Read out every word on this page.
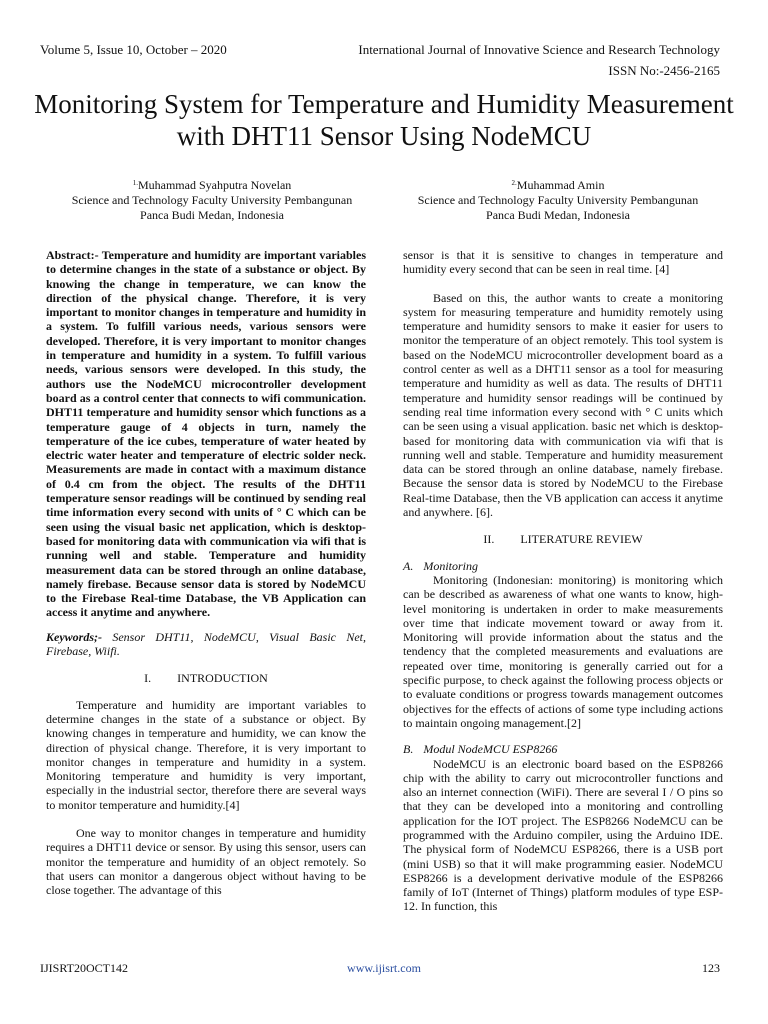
Volume 5, Issue 10, October – 2020	International Journal of Innovative Science and Research Technology
ISSN No:-2456-2165
Monitoring System for Temperature and Humidity Measurement with DHT11 Sensor Using NodeMCU
$^{1.}$Muhammad Syahputra Novelan
Science and Technology Faculty University Pembangunan
Panca Budi Medan, Indonesia
$^{2.}$Muhammad Amin
Science and Technology Faculty University Pembangunan
Panca Budi Medan, Indonesia

Abstract:- Temperature and humidity are important variables to determine changes in the state of a substance or object. By knowing the change in temperature, we can know the direction of the physical change. Therefore, it is very important to monitor changes in temperature and humidity in a system. To fulfill various needs, various sensors were developed. Therefore, it is very important to monitor changes in temperature and humidity in a system. To fulfill various needs, various sensors were developed. In this study, the authors use the NodeMCU microcontroller development board as a control center that connects to wifi communication. DHT11 temperature and humidity sensor which functions as a temperature gauge of 4 objects in turn, namely the temperature of the ice cubes, temperature of water heated by electric water heater and temperature of electric solder neck. Measurements are made in contact with a maximum distance of 0.4 cm from the object. The results of the DHT11 temperature sensor readings will be continued by sending real time information every second with units of ° C which can be seen using the visual basic net application, which is desktop-based for monitoring data with communication via wifi that is running well and stable. Temperature and humidity measurement data can be stored through an online database, namely firebase. Because sensor data is stored by NodeMCU to the Firebase Real-time Database, the VB Application can access it anytime and anywhere.

Keywords;- Sensor DHT11, NodeMCU, Visual Basic Net, Firebase, Wiifi.

I. INTRODUCTION

Temperature and humidity are important variables to determine changes in the state of a substance or object. By knowing changes in temperature and humidity, we can know the direction of physical change. Therefore, it is very important to monitor changes in temperature and humidity in a system. Monitoring temperature and humidity is very important, especially in the industrial sector, therefore there are several ways to monitor temperature and humidity.[4]

One way to monitor changes in temperature and humidity requires a DHT11 device or sensor. By using this sensor, users can monitor the temperature and humidity of an object remotely. So that users can monitor a dangerous object without having to be close together. The advantage of this

sensor is that it is sensitive to changes in temperature and humidity every second that can be seen in real time. [4]

Based on this, the author wants to create a monitoring system for measuring temperature and humidity remotely using temperature and humidity sensors to make it easier for users to monitor the temperature of an object remotely. This tool system is based on the NodeMCU microcontroller development board as a control center as well as a DHT11 sensor as a tool for measuring temperature and humidity as well as data. The results of DHT11 temperature and humidity sensor readings will be continued by sending real time information every second with ° C units which can be seen using a visual application. basic net which is desktop-based for monitoring data with communication via wifi that is running well and stable. Temperature and humidity measurement data can be stored through an online database, namely firebase. Because the sensor data is stored by NodeMCU to the Firebase Real-time Database, then the VB application can access it anytime and anywhere. [6].

II. LITERATURE REVIEW
A. Monitoring

Monitoring (Indonesian: monitoring) is monitoring which can be described as awareness of what one wants to know, high-level monitoring is undertaken in order to make measurements over time that indicate movement toward or away from it. Monitoring will provide information about the status and the tendency that the completed measurements and evaluations are repeated over time, monitoring is generally carried out for a specific purpose, to check against the following process objects or to evaluate conditions or progress towards management outcomes objectives for the effects of actions of some type including actions to maintain ongoing management.[2]

B. Modul NodeMCU ESP8266

NodeMCU is an electronic board based on the ESP8266 chip with the ability to carry out microcontroller functions and also an internet connection (WiFi). There are several I / O pins so that they can be developed into a monitoring and controlling application for the IOT project. The ESP8266 NodeMCU can be programmed with the Arduino compiler, using the Arduino IDE. The physical form of NodeMCU ESP8266, there is a USB port (mini USB) so that it will make programming easier. NodeMCU ESP8266 is a development derivative module of the ESP8266 family of IoT (Internet of Things) platform modules of type ESP-12. In function, this

IJISRT20OCT142	www.ijisrt.com	123
